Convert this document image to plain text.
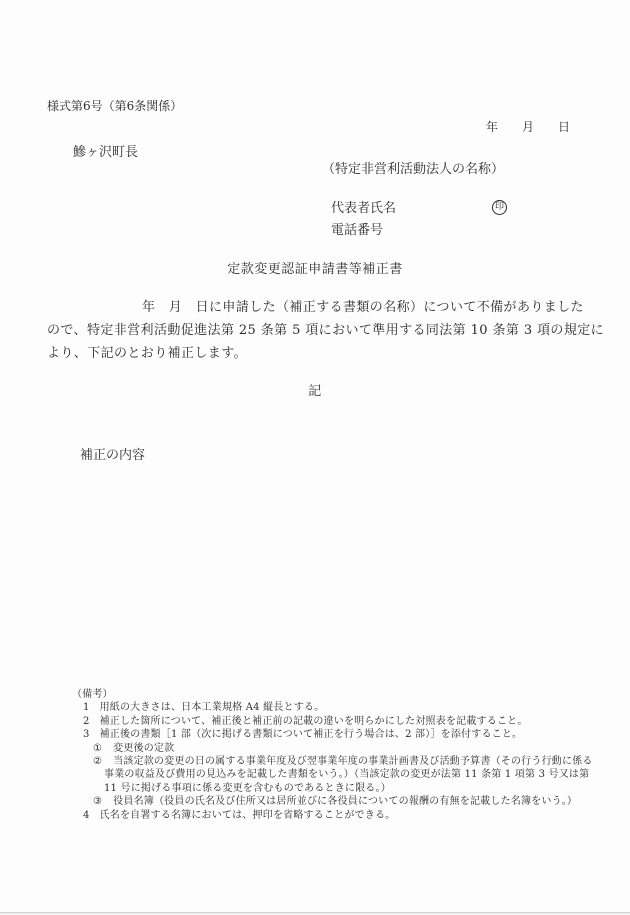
様式第6号（第6条関係）
年　　月　　日
鰺ヶ沢町長
（特定非営利活動法人の名称）
代表者氏名	印
電話番号
定款変更認証申請書等補正書
年　月　日に申請した（補正する書類の名称）について不備がありました
ので、特定非営利活動促進法第 25 条第 5 項において準用する同法第 10 条第 3 項の規定に
より、下記のとおり補正します。
記
補正の内容
（備考）
1 用紙の大きさは、日本工業規格 A4 縦長とする。
2 補正した箇所について、補正後と補正前の記載の違いを明らかにした対照表を記載すること。
3 補正後の書類［1 部（次に掲げる書類について補正を行う場合は、2 部）］を添付すること。
① 変更後の定款
② 当該定款の変更の日の属する事業年度及び翌事業年度の事業計画書及び活動予算書（その行う行動に係る事業の収益及び費用の見込みを記載した書類をいう。）（当該定款の変更が法第 11 条第 1 項第 3 号又は第 11 号に掲げる事項に係る変更を含むものであるときに限る。）
③ 役員名簿（役員の氏名及び住所又は居所並びに各役員についての報酬の有無を記載した名簿をいう。）
4 氏名を自署する名簿においては、押印を省略することができる。
